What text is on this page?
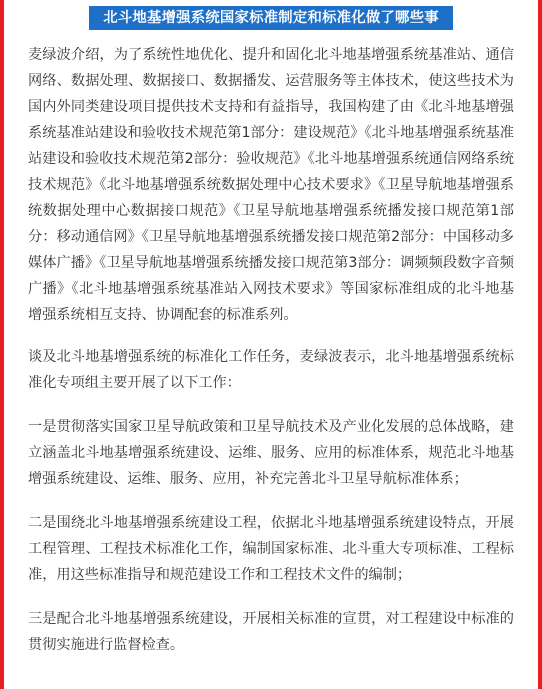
北斗地基增强系统国家标准制定和标准化做了哪些事

麦绿波介绍，为了系统性地优化、提升和固化北斗地基增强系统基准站、通信网络、数据处理、数据接口、数据播发、运营服务等主体技术，使这些技术为国内外同类建设项目提供技术支持和有益指导，我国构建了由《北斗地基增强系统基准站建设和验收技术规范第1部分：建设规范》《北斗地基增强系统基准站建设和验收技术规范第2部分：验收规范》《北斗地基增强系统通信网络系统技术规范》《北斗地基增强系统数据处理中心技术要求》《卫星导航地基增强系统数据处理中心数据接口规范》《卫星导航地基增强系统播发接口规范第1部分：移动通信网》《卫星导航地基增强系统播发接口规范第2部分：中国移动多媒体广播》《卫星导航地基增强系统播发接口规范第3部分：调频频段数字音频广播》《北斗地基增强系统基准站入网技术要求》等国家标准组成的北斗地基增强系统相互支持、协调配套的标准系列。

谈及北斗地基增强系统的标准化工作任务，麦绿波表示，北斗地基增强系统标准化专项组主要开展了以下工作：

一是贯彻落实国家卫星导航政策和卫星导航技术及产业化发展的总体战略，建立涵盖北斗地基增强系统建设、运维、服务、应用的标准体系，规范北斗地基增强系统建设、运维、服务、应用，补充完善北斗卫星导航标准体系；

二是围绕北斗地基增强系统建设工程，依据北斗地基增强系统建设特点，开展工程管理、工程技术标准化工作，编制国家标准、北斗重大专项标准、工程标准，用这些标准指导和规范建设工作和工程技术文件的编制；

三是配合北斗地基增强系统建设，开展相关标准的宣贯，对工程建设中标准的贯彻实施进行监督检查。
